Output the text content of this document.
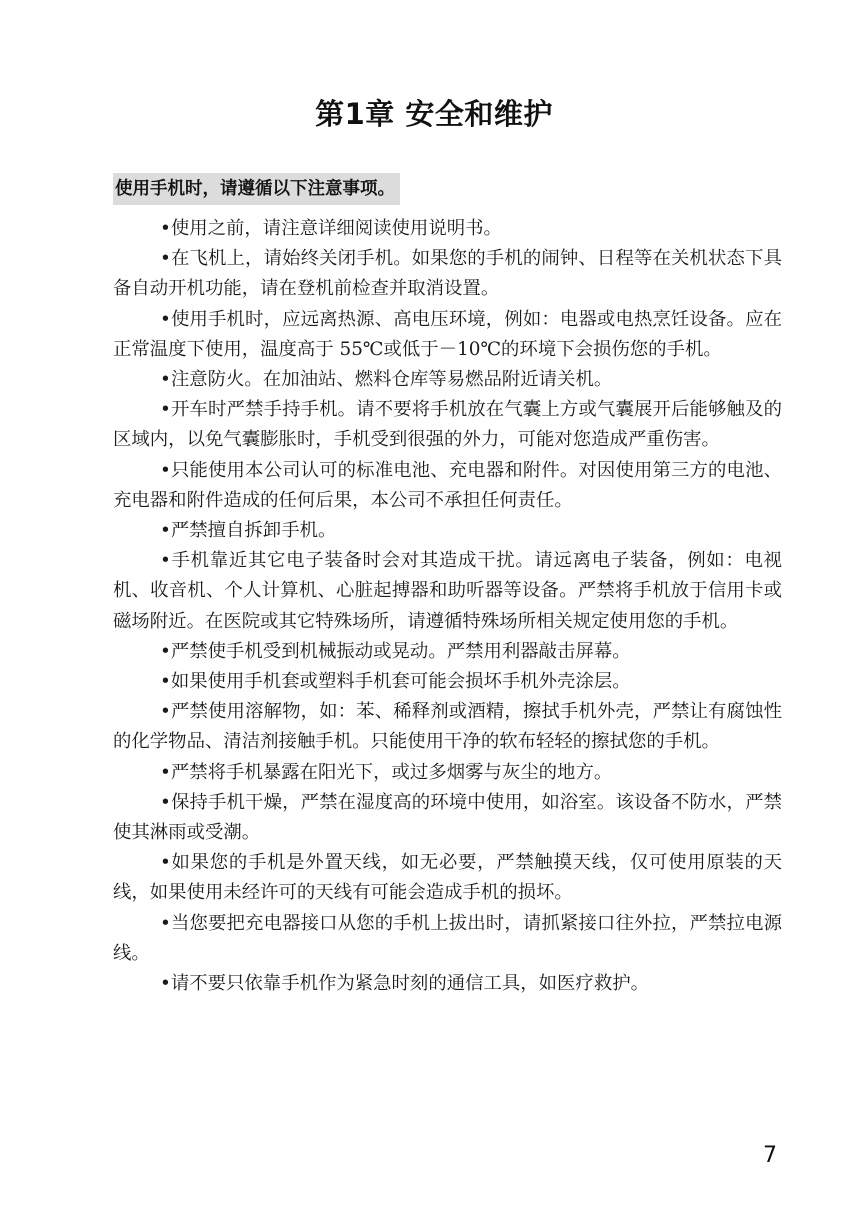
第1章 安全和维护
使用手机时，请遵循以下注意事项。
•使用之前，请注意详细阅读使用说明书。
•在飞机上，请始终关闭手机。如果您的手机的闹钟、日程等在关机状态下具备自动开机功能，请在登机前检查并取消设置。
•使用手机时，应远离热源、高电压环境，例如：电器或电热烹饪设备。应在正常温度下使用，温度高于 55℃或低于－10℃的环境下会损伤您的手机。
•注意防火。在加油站、燃料仓库等易燃品附近请关机。
•开车时严禁手持手机。请不要将手机放在气囊上方或气囊展开后能够触及的区域内，以免气囊膨胀时，手机受到很强的外力，可能对您造成严重伤害。
•只能使用本公司认可的标准电池、充电器和附件。对因使用第三方的电池、充电器和附件造成的任何后果，本公司不承担任何责任。
•严禁擅自拆卸手机。
•手机靠近其它电子装备时会对其造成干扰。请远离电子装备，例如：电视机、收音机、个人计算机、心脏起搏器和助听器等设备。严禁将手机放于信用卡或磁场附近。在医院或其它特殊场所，请遵循特殊场所相关规定使用您的手机。
•严禁使手机受到机械振动或晃动。严禁用利器敲击屏幕。
•如果使用手机套或塑料手机套可能会损坏手机外壳涂层。
•严禁使用溶解物，如：苯、稀释剂或酒精，擦拭手机外壳，严禁让有腐蚀性的化学物品、清洁剂接触手机。只能使用干净的软布轻轻的擦拭您的手机。
•严禁将手机暴露在阳光下，或过多烟雾与灰尘的地方。
•保持手机干燥，严禁在湿度高的环境中使用，如浴室。该设备不防水，严禁使其淋雨或受潮。
•如果您的手机是外置天线，如无必要，严禁触摸天线，仅可使用原装的天线，如果使用未经许可的天线有可能会造成手机的损坏。
•当您要把充电器接口从您的手机上拔出时，请抓紧接口往外拉，严禁拉电源线。
•请不要只依靠手机作为紧急时刻的通信工具，如医疗救护。
7
